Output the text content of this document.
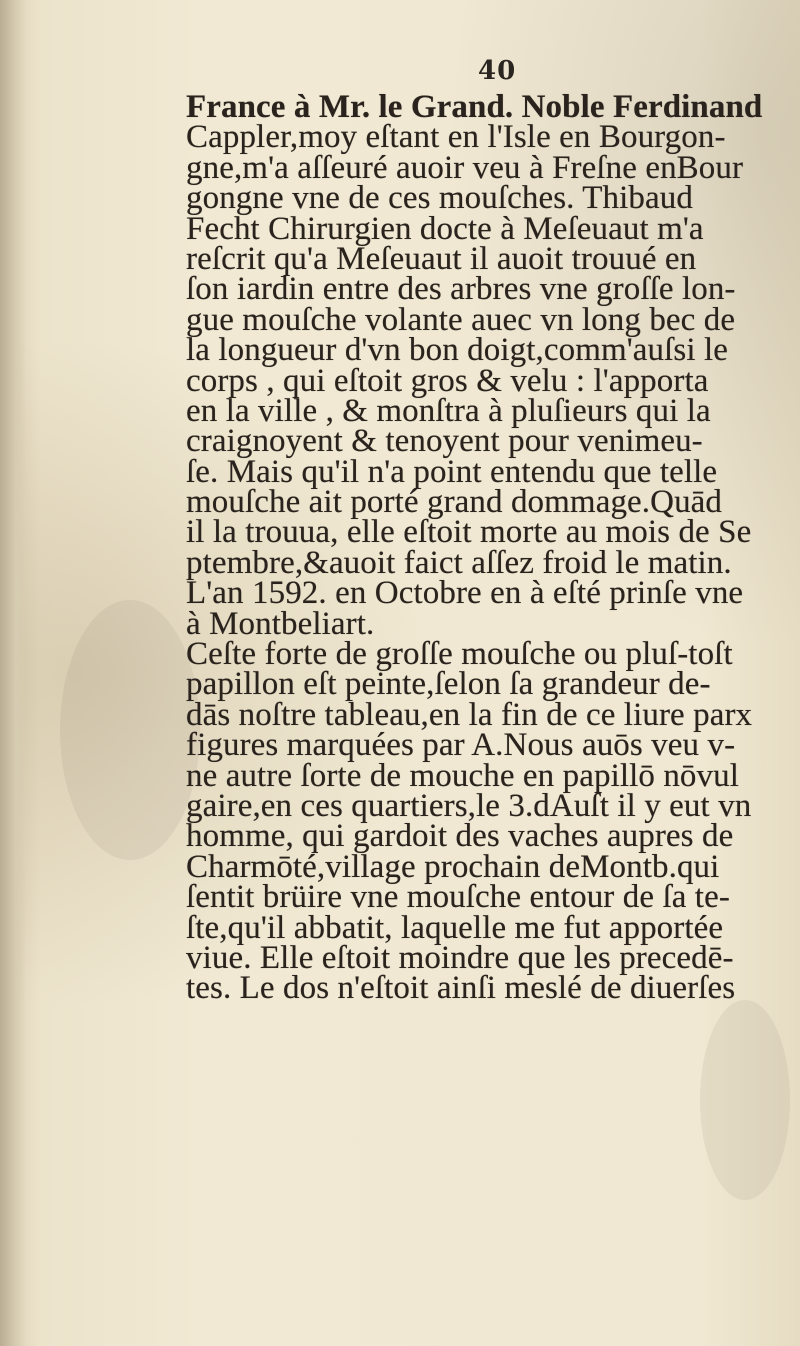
40
France à Mr. le Grand. Noble Ferdinand
Cappler,moy eſtant en l'Isle en Bourgon-
gne,m'a aſſeuré auoir veu à Freſne enBour
gongne vne de ces mouſches. Thibaud
Fecht Chirurgien docte à Meſeuaut m'a
reſcrit qu'a Meſeuaut il auoit trouué en
ſon iardin entre des arbres vne groſſe lon-
gue mouſche volante auec vn long bec de
la longueur d'vn bon doigt,comm'auſsi le
corps , qui eſtoit gros & velu : l'apporta
en la ville , & monſtra à pluſieurs qui la
craignoyent & tenoyent pour venimeu-
ſe. Mais qu'il n'a point entendu que telle
mouſche ait porté grand dommage.Quād
il la trouua, elle eſtoit morte au mois de Se
ptembre,&auoit faict aſſez froid le matin.
L'an 1592. en Octobre en à eſté prinſe vne
à Montbeliart.
Ceſte forte de groſſe mouſche ou pluſ-toſt
papillon eſt peinte,ſelon ſa grandeur de-
dās noſtre tableau,en la fin de ce liure parx
figures marquées par A.Nous auōs veu v-
ne autre ſorte de mouche en papillō nōvul
gaire,en ces quartiers,le 3.dAuſt il y eut vn
homme, qui gardoit des vaches aupres de
Charmōté,village prochain deMontb.qui
ſentit brüire vne mouſche entour de ſa te-
ſte,qu'il abbatit, laquelle me fut apportée
viue. Elle eſtoit moindre que les precedē-
tes. Le dos n'eſtoit ainſi meslé de diuerſes
